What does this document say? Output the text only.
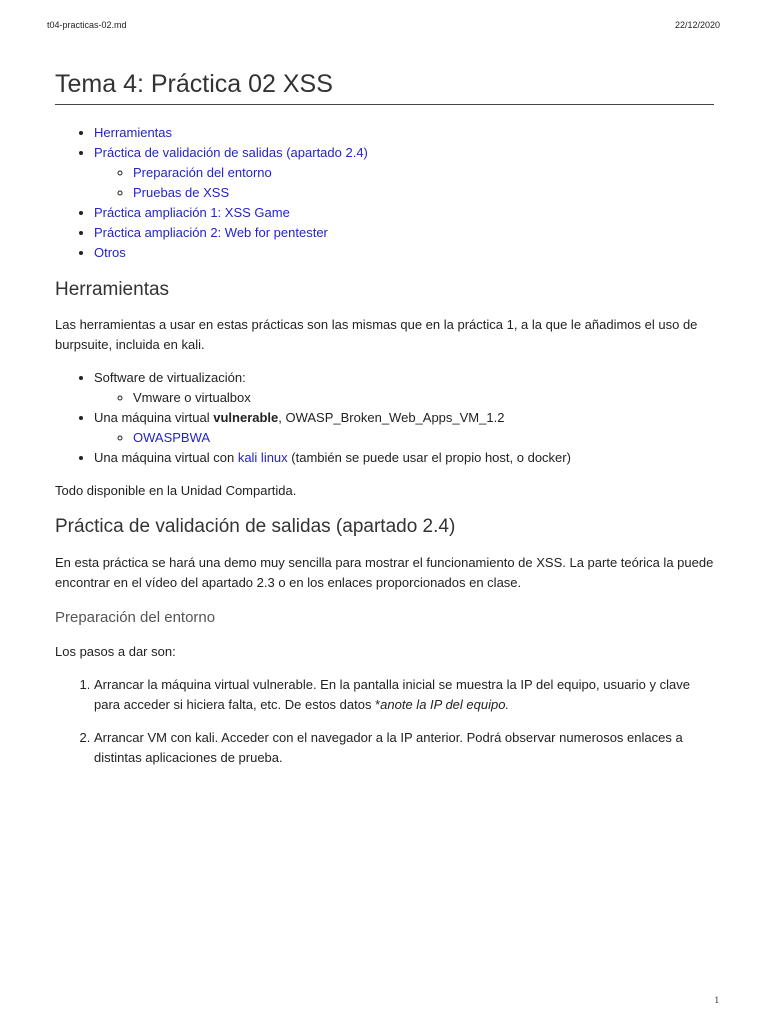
t04-practicas-02.md	22/12/2020
Tema 4: Práctica 02 XSS
• Herramientas
• Práctica de validación de salidas (apartado 2.4)
◦ Preparación del entorno
◦ Pruebas de XSS
• Práctica ampliación 1: XSS Game
• Práctica ampliación 2: Web for pentester
• Otros
Herramientas

Las herramientas a usar en estas prácticas son las mismas que en la práctica 1, a la que le añadimos el uso de burpsuite, incluida en kali.

• Software de virtualización:
◦ Vmware o virtualbox
• Una máquina virtual vulnerable, OWASP_Broken_Web_Apps_VM_1.2
◦ OWASPBWA
• Una máquina virtual con kali linux (también se puede usar el propio host, o docker)

Todo disponible en la Unidad Compartida.

Práctica de validación de salidas (apartado 2.4)

En esta práctica se hará una demo muy sencilla para mostrar el funcionamiento de XSS. La parte teórica la puede encontrar en el vídeo del apartado 2.3 o en los enlaces proporcionados en clase.

Preparación del entorno

Los pasos a dar son:

1. Arrancar la máquina virtual vulnerable. En la pantalla inicial se muestra la IP del equipo, usuario y clave para acceder si hiciera falta, etc. De estos datos *anote la IP del equipo.
2. Arrancar VM con kali. Acceder con el navegador a la IP anterior. Podrá observar numerosos enlaces a distintas aplicaciones de prueba.
1
